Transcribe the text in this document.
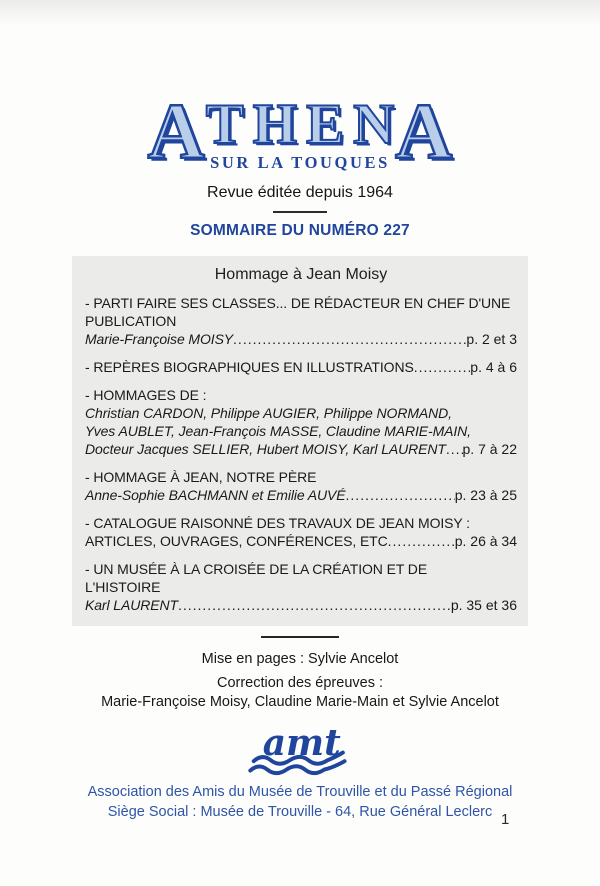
A THEN
SUR LA TOUQUES A
Revue éditée depuis 1964
SOMMAIRE DU NUMÉRO 227
Hommage à Jean Moisy
- PARTI FAIRE SES CLASSES... DE RÉDACTEUR EN CHEF D'UNE
PUBLICATION
Marie-Françoise MOISY .....	p. 2 et 3
- REPÈRES BIOGRAPHIQUES EN ILLUSTRATIONS .....	p. 4 à 6
- HOMMAGES DE :
Christian CARDON, Philippe AUGIER, Philippe NORMAND,
Yves AUBLET, Jean-François MASSE, Claudine MARIE-MAIN,
Docteur Jacques SELLIER, Hubert MOISY, Karl LAURENT ..... p. 7 à 22
- HOMMAGE À JEAN, NOTRE PÈRE
Anne-Sophie BACHMANN et Emilie AUVÉ .....	p. 23 à 25
- CATALOGUE RAISONNÉ DES TRAVAUX DE JEAN MOISY :
ARTICLES, OUVRAGES, CONFÉRENCES, ETC .....	p. 26 à 34
- UN MUSÉE À LA CROISÉE DE LA CRÉATION ET DE
L'HISTOIRE
Karl LAURENT .....	p. 35 et 36
Mise en pages : Sylvie Ancelot
Correction des épreuves :
Marie-Françoise Moisy, Claudine Marie-Main et Sylvie Ancelot
amt
Association des Amis du Musée de Trouville et du Passé Régional
Siège Social : Musée de Trouville - 64, Rue Général Leclerc 1
